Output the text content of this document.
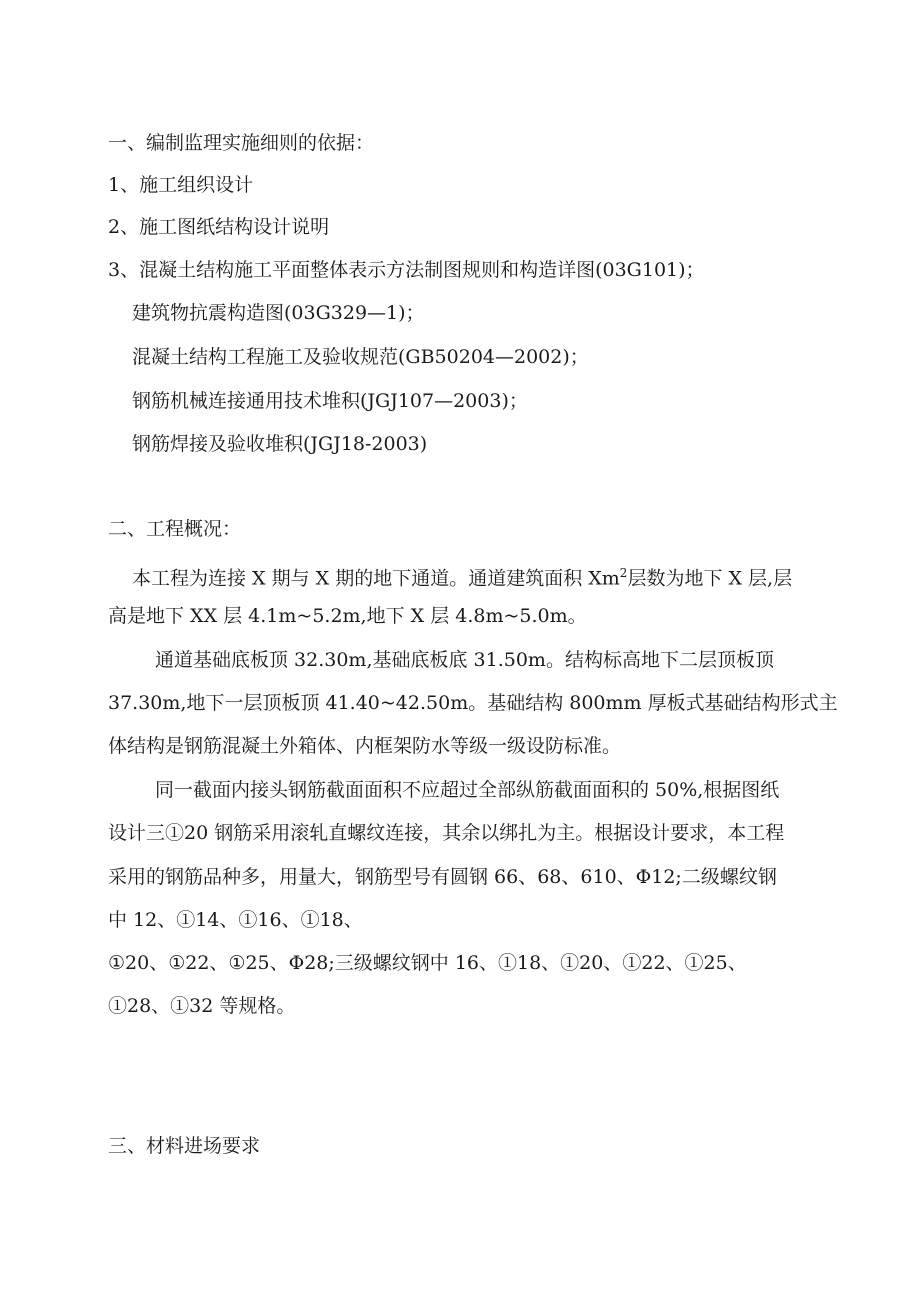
一、编制监理实施细则的依据：
1、施工组织设计
2、施工图纸结构设计说明
3、混凝土结构施工平面整体表示方法制图规则和构造详图(03G101)；
建筑物抗震构造图(03G329—1)；
混凝土结构工程施工及验收规范(GB50204—2002)；
钢筋机械连接通用技术堆积(JGJ107—2003)；
钢筋焊接及验收堆积(JGJ18-2003)
二、工程概况：
本工程为连接 X 期与 X 期的地下通道。通道建筑面积 Xm$^2$层数为地下 X 层,层
高是地下 XX 层 4.1m~5.2m,地下 X 层 4.8m~5.0m。
通道基础底板顶 32.30m,基础底板底 31.50m。结构标高地下二层顶板顶
37.30m,地下一层顶板顶 41.40~42.50m。基础结构 800mm 厚板式基础结构形式主
体结构是钢筋混凝土外箱体、内框架防水等级一级设防标准。
同一截面内接头钢筋截面面积不应超过全部纵筋截面面积的 50%,根据图纸
设计三①20 钢筋采用滚轧直螺纹连接，其余以绑扎为主。根据设计要求，本工程
采用的钢筋品种多，用量大，钢筋型号有圆钢 66、68、610、Φ12;二级螺纹钢
中 12、①14、①16、①18、
①20、①22、①25、Φ28;三级螺纹钢中 16、①18、①20、①22、①25、
①28、①32 等规格。
三、材料进场要求
